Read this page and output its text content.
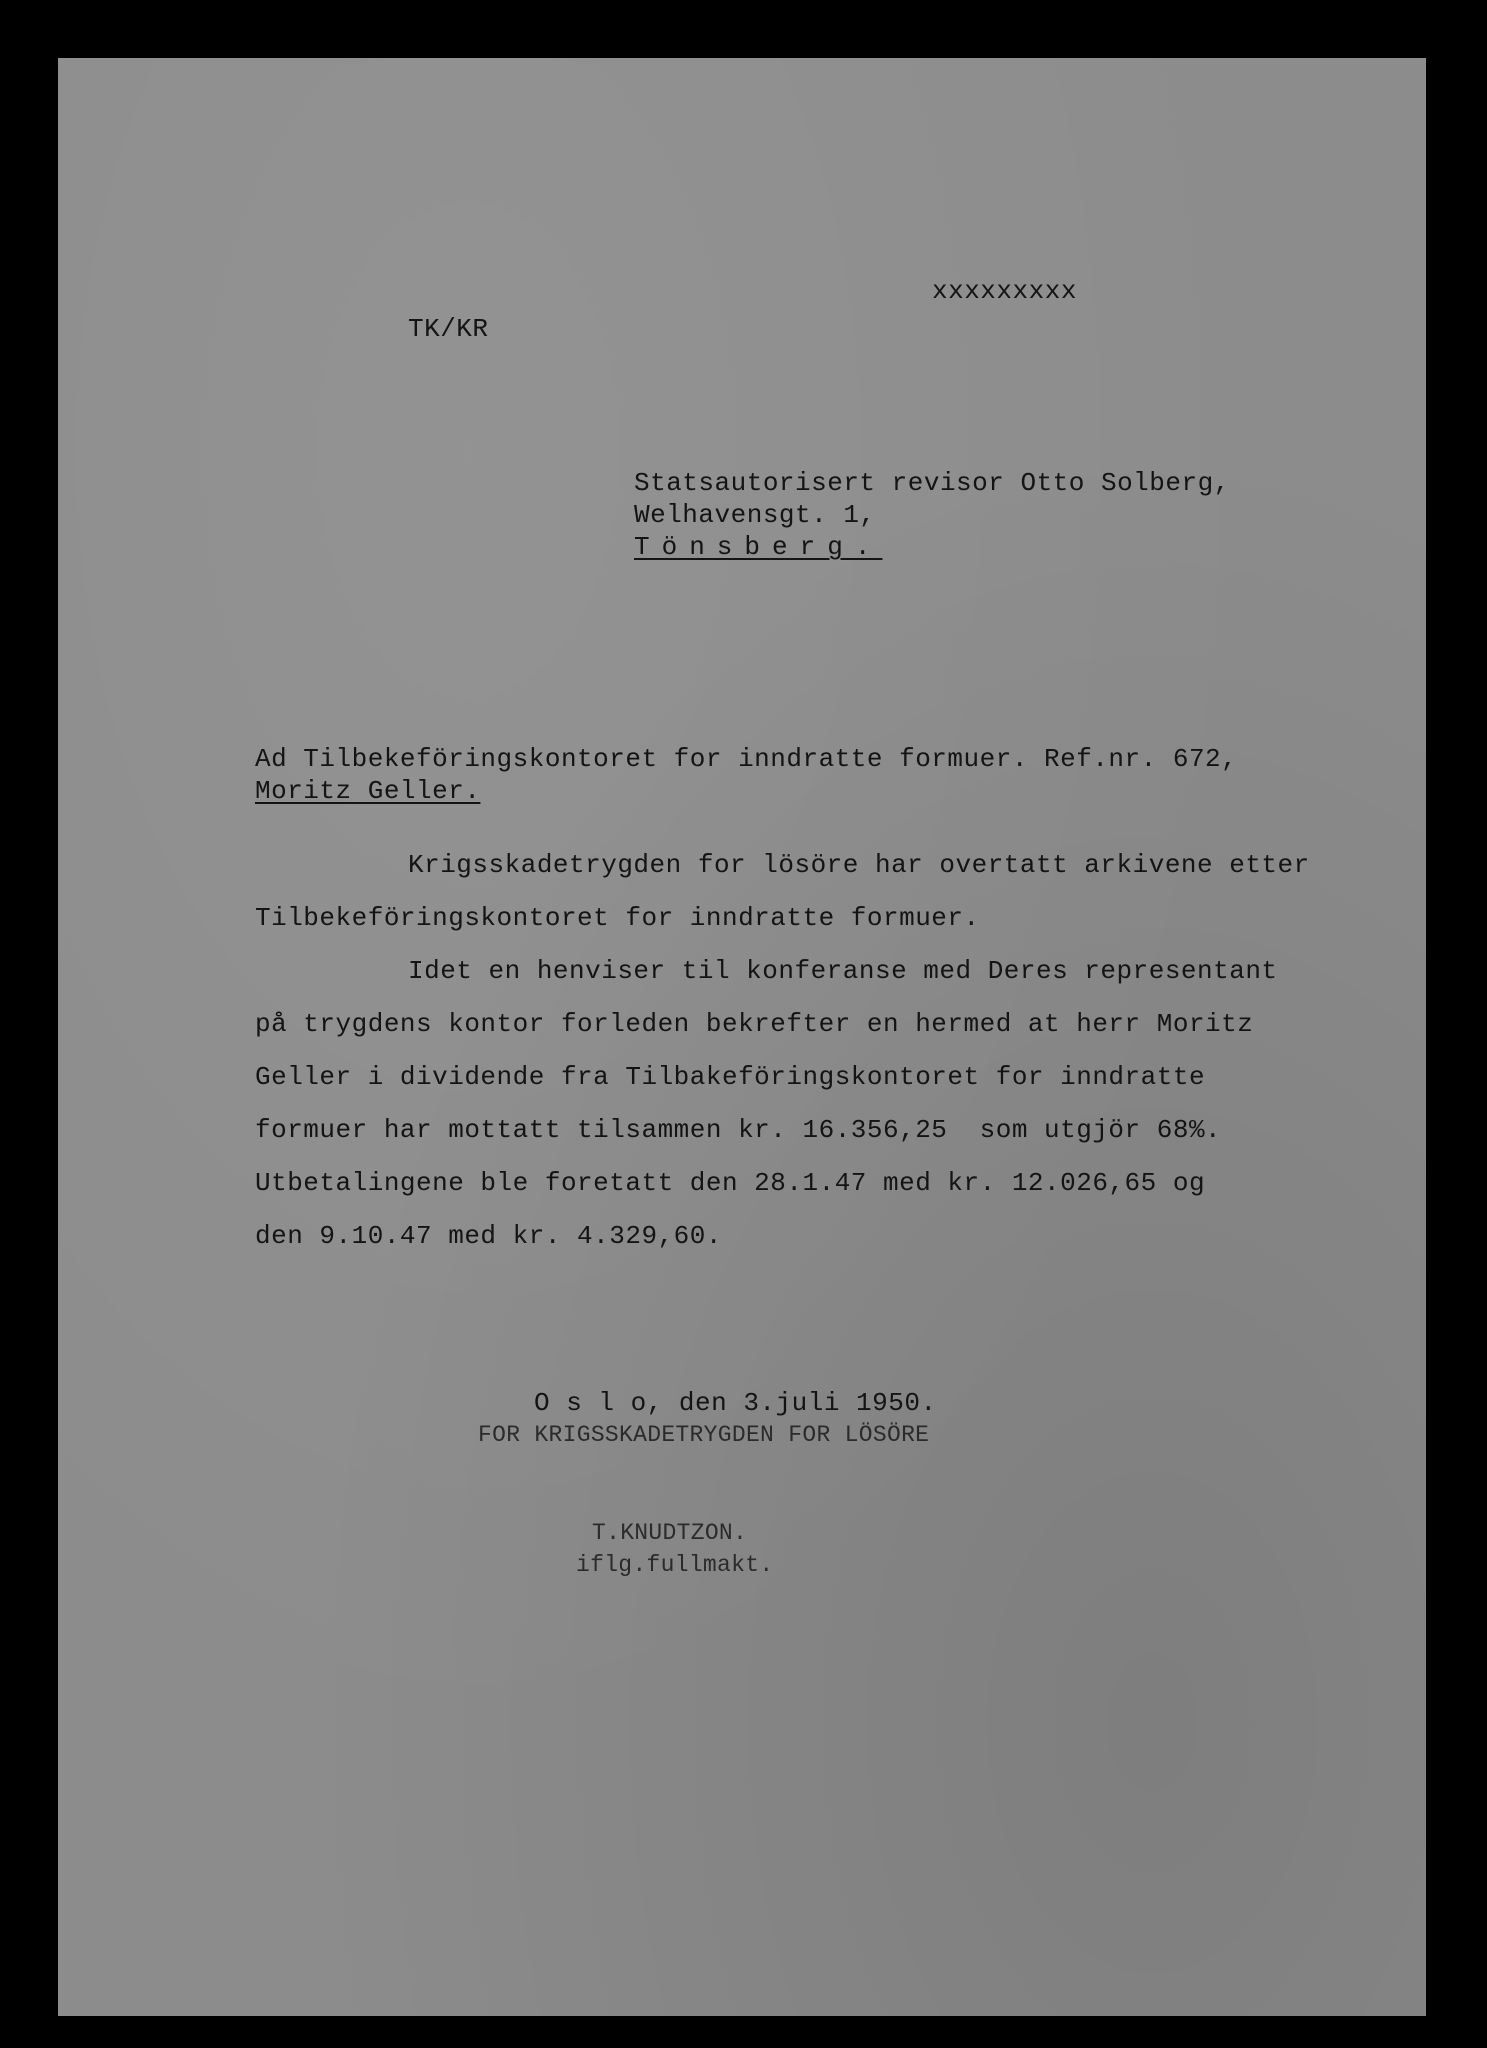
xxxxxxxxx
TK/KR
Statsautorisert revisor Otto Solberg,
Welhavensgt. 1,
Tönsberg.
Ad Tilbekeföringskontoret for inndratte formuer. Ref.nr. 672,
Moritz Geller.
Krigsskadetrygden for lösöre har overtatt arkivene etter
Tilbekeföringskontoret for inndratte formuer.
Idet en henviser til konferanse med Deres representant
på trygdens kontor forleden bekrefter en hermed at herr Moritz
Geller i dividende fra Tilbakeföringskontoret for inndratte
formuer har mottatt tilsammen kr. 16.356,25  som utgjör 68%.
Utbetalingene ble foretatt den 28.1.47 med kr. 12.026,65 og
den 9.10.47 med kr. 4.329,60.
O s l o, den 3.juli 1950.
FOR KRIGSSKADETRYGDEN FOR LÖSÖRE
T.KNUDTZON.
iflg.fullmakt.
